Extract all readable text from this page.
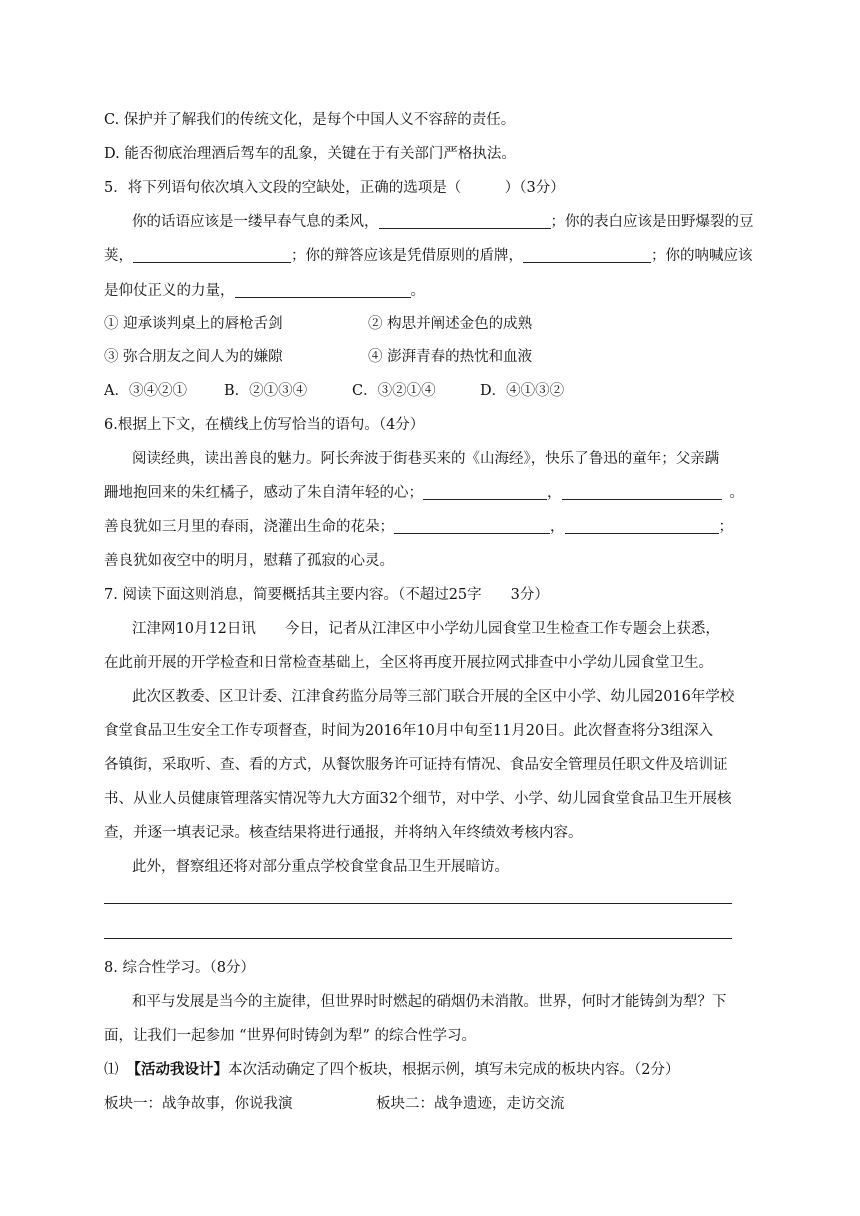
C. 保护并了解我们的传统文化，是每个中国人义不容辞的责任。
D. 能否彻底治理酒后驾车的乱象，关键在于有关部门严格执法。
5．将下列语句依次填入文段的空缺处，正确的选项是（　　　）（3分）
你的话语应该是一缕早春气息的柔风，	；你的表白应该是田野爆裂的豆
荚，	；你的辩答应该是凭借原则的盾牌，	；你的呐喊应该
是仰仗正义的力量，	。
① 迎承谈判桌上的唇枪舌剑	② 构思并阐述金色的成熟
③ 弥合朋友之间人为的嫌隙	④ 澎湃青春的热忱和血液
A．③④②①	B．②①③④	C．③②①④	D．④①③②
6.根据上下文，在横线上仿写恰当的语句。（4分）
阅读经典，读出善良的魅力。阿长奔波于街巷买来的《山海经》，快乐了鲁迅的童年；父亲蹒
跚地抱回来的朱红橘子，感动了朱自清年轻的心；	，	。
善良犹如三月里的春雨，浇灌出生命的花朵；	，	；
善良犹如夜空中的明月，慰藉了孤寂的心灵。
7. 阅读下面这则消息，简要概括其主要内容。（不超过25字　　3分）
江津网10月12日讯　　今日，记者从江津区中小学幼儿园食堂卫生检查工作专题会上获悉，
在此前开展的开学检查和日常检查基础上，全区将再度开展拉网式排查中小学幼儿园食堂卫生。
此次区教委、区卫计委、江津食药监分局等三部门联合开展的全区中小学、幼儿园2016年学校
食堂食品卫生安全工作专项督查，时间为2016年10月中旬至11月20日。此次督查将分3组深入
各镇街，采取听、查、看的方式，从餐饮服务许可证持有情况、食品安全管理员任职文件及培训证
书、从业人员健康管理落实情况等九大方面32个细节，对中学、小学、幼儿园食堂食品卫生开展核
查，并逐一填表记录。核查结果将进行通报，并将纳入年终绩效考核内容。
此外，督察组还将对部分重点学校食堂食品卫生开展暗访。
8. 综合性学习。（8分）
和平与发展是当今的主旋律，但世界时时燃起的硝烟仍未消散。世界，何时才能铸剑为犁？下
面，让我们一起参加 “世界何时铸剑为犁” 的综合性学习。
⑴ 【活动我设计】本次活动确定了四个板块，根据示例，填写未完成的板块内容。（2分）
板块一：战争故事，你说我演	板块二：战争遗迹，走访交流
